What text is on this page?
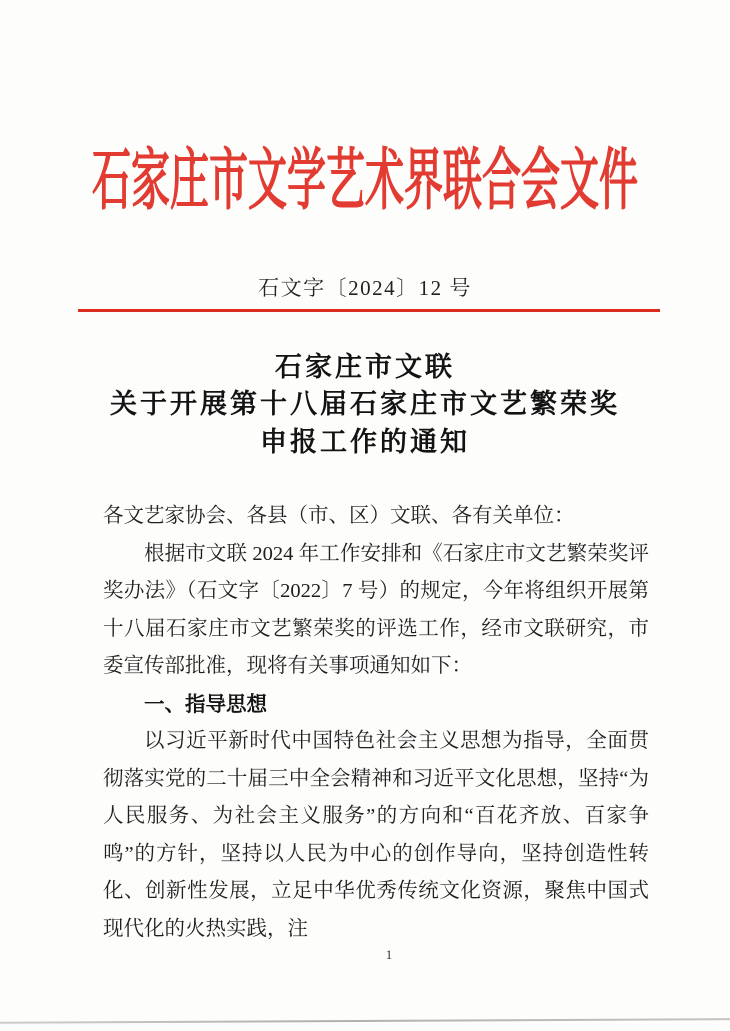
石家庄市文学艺术界联合会文件
石文字〔2024〕12 号
石家庄市文联
关于开展第十八届石家庄市文艺繁荣奖
申报工作的通知
各文艺家协会、各县（市、区）文联、各有关单位：
根据市文联 2024 年工作安排和《石家庄市文艺繁荣奖评奖办法》（石文字〔2022〕7 号）的规定，今年将组织开展第十八届石家庄市文艺繁荣奖的评选工作，经市文联研究，市委宣传部批准，现将有关事项通知如下：
一、指导思想
以习近平新时代中国特色社会主义思想为指导，全面贯彻落实党的二十届三中全会精神和习近平文化思想，坚持“为人民服务、为社会主义服务”的方向和“百花齐放、百家争鸣”的方针，坚持以人民为中心的创作导向，坚持创造性转化、创新性发展，立足中华优秀传统文化资源，聚焦中国式现代化的火热实践，注
1
